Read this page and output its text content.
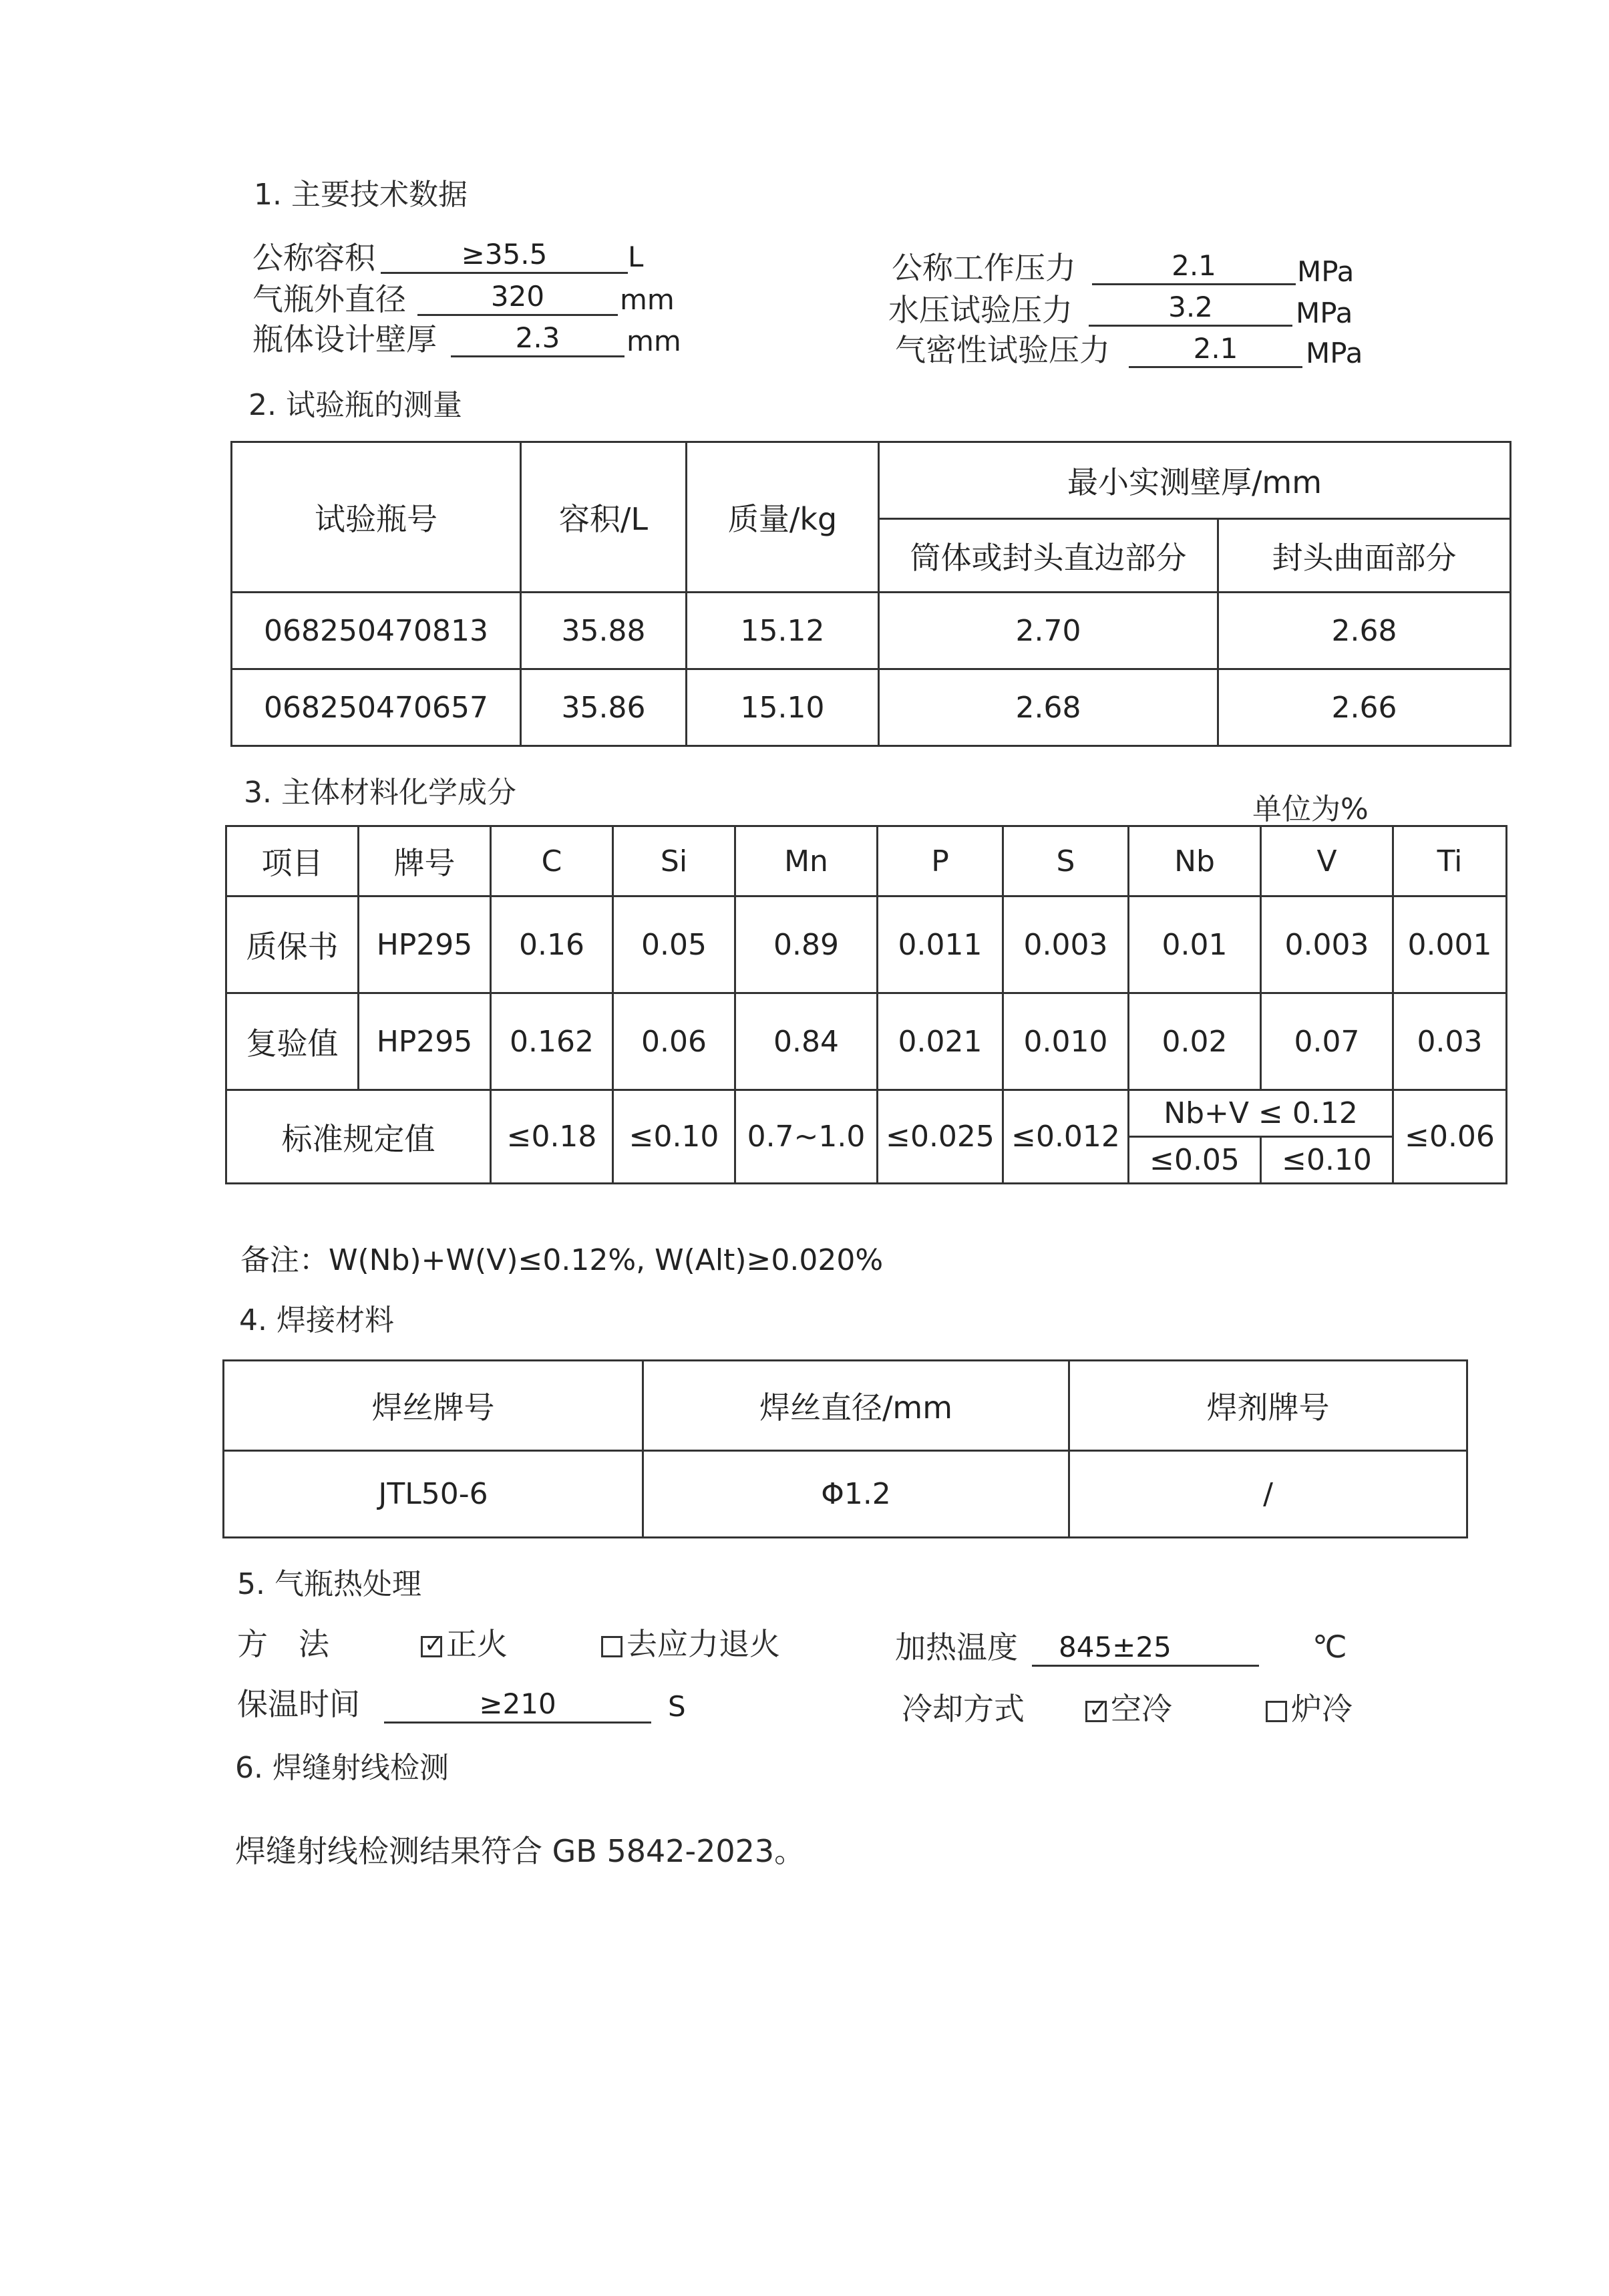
1. 主要技术数据
公称容积	≥35.5	L
气瓶外直径	320	mm
瓶体设计壁厚	2.3	mm
公称工作压力	2.1	MPa
水压试验压力	3.2	MPa
气密性试验压力	2.1	MPa
2. 试验瓶的测量
试验瓶号	容积/L	质量/kg	最小实测壁厚/mm	
			筒体或封头直边部分	封头曲面部分
068250470813	35.88	15.12	2.70	2.68
068250470657	35.86	15.10	2.68	2.66
3. 主体材料化学成分	单位为%
项目	牌号	C	Si	Mn	P	S	Nb	V	Ti
质保书	HP295	0.16	0.05	0.89	0.011	0.003	0.01	0.003	0.001
复验值	HP295	0.162	0.06	0.84	0.021	0.010	0.02	0.07	0.03
标准规定值		≤0.18	≤0.10	0.7~1.0	≤0.025	≤0.012	Nb+V ≤ 0.12		≤0.06
							≤0.05	≤0.10	
备注：W(Nb)+W(V)≤0.12%, W(Alt)≥0.020%
4. 焊接材料
焊丝牌号	焊丝直径/mm	焊剂牌号
JTL50-6	Φ1.2	/
5. 气瓶热处理
方　法 ✓	正火	去应力退火	加热温度	845±25	℃
保温时间	≥210	S	冷却方式 ✓	空冷	炉冷
6. 焊缝射线检测
焊缝射线检测结果符合 GB 5842-2023。
